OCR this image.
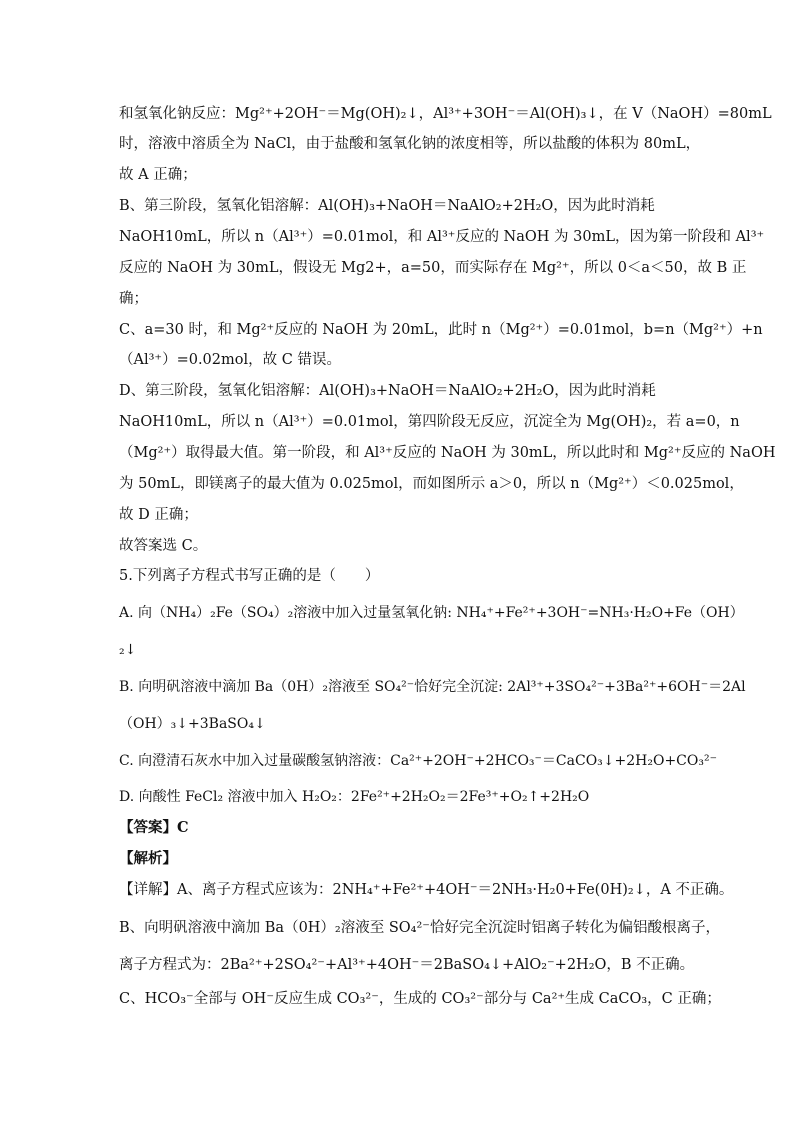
和氢氧化钠反应：Mg²⁺+2OH⁻＝Mg(OH)₂↓，Al³⁺+3OH⁻＝Al(OH)₃↓，在 V（NaOH）=80mL
时，溶液中溶质全为 NaCl，由于盐酸和氢氧化钠的浓度相等，所以盐酸的体积为 80mL，
故 A 正确；
B、第三阶段，氢氧化铝溶解：Al(OH)₃+NaOH＝NaAlO₂+2H₂O，因为此时消耗
NaOH10mL，所以 n（Al³⁺）=0.01mol，和 Al³⁺反应的 NaOH 为 30mL，因为第一阶段和 Al³⁺
反应的 NaOH 为 30mL，假设无 Mg2+，a=50，而实际存在 Mg²⁺，所以 0＜a＜50，故 B 正
确；
C、a=30 时，和 Mg²⁺反应的 NaOH 为 20mL，此时 n（Mg²⁺）=0.01mol，b=n（Mg²⁺）+n
（Al³⁺）=0.02mol，故 C 错误。
D、第三阶段，氢氧化铝溶解：Al(OH)₃+NaOH＝NaAlO₂+2H₂O，因为此时消耗
NaOH10mL，所以 n（Al³⁺）=0.01mol，第四阶段无反应，沉淀全为 Mg(OH)₂，若 a=0，n
（Mg²⁺）取得最大值。第一阶段，和 Al³⁺反应的 NaOH 为 30mL，所以此时和 Mg²⁺反应的 NaOH
为 50mL，即镁离子的最大值为 0.025mol，而如图所示 a＞0，所以 n（Mg²⁺）＜0.025mol，
故 D 正确；
故答案选 C。
5.下列离子方程式书写正确的是（　　）
A. 向（NH₄）₂Fe（SO₄）₂溶液中加入过量氢氧化钠: NH₄⁺+Fe²⁺+3OH⁻=NH₃·H₂O+Fe（OH）
₂↓
B. 向明矾溶液中滴加 Ba（0H）₂溶液至 SO₄²⁻恰好完全沉淀: 2Al³⁺+3SO₄²⁻+3Ba²⁺+6OH⁻＝2Al
（OH）₃↓+3BaSO₄↓
C. 向澄清石灰水中加入过量碳酸氢钠溶液：Ca²⁺+2OH⁻+2HCO₃⁻＝CaCO₃↓+2H₂O+CO₃²⁻
D. 向酸性 FeCl₂ 溶液中加入 H₂O₂：2Fe²⁺+2H₂O₂＝2Fe³⁺+O₂↑+2H₂O
【答案】C
【解析】
【详解】A、离子方程式应该为：2NH₄⁺+Fe²⁺+4OH⁻＝2NH₃·H₂0+Fe(0H)₂↓，A 不正确。
B、向明矾溶液中滴加 Ba（0H）₂溶液至 SO₄²⁻恰好完全沉淀时铝离子转化为偏铝酸根离子，
离子方程式为：2Ba²⁺+2SO₄²⁻+Al³⁺+4OH⁻＝2BaSO₄↓+AlO₂⁻+2H₂O，B 不正确。
C、HCO₃⁻全部与 OH⁻反应生成 CO₃²⁻，生成的 CO₃²⁻部分与 Ca²⁺生成 CaCO₃，C 正确；
